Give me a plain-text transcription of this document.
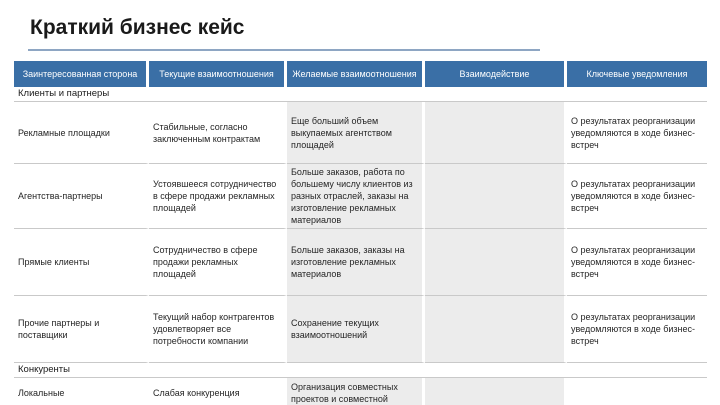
Краткий бизнес кейс
Заинтересованная сторона	Текущие взаимоотношения	Желаемые взаимоотношения	Взаимодействие	Ключевые уведомления
Клиенты и партнеры				
Рекламные площадки	Стабильные, согласно заключенным контрактам	Еще больший объем выкупаемых агентством площадей		О результатах реорганизации уведомляются в ходе бизнес-встреч
Агентства-партнеры	Устоявшееся сотрудничество в сфере продажи рекламных площадей	Больше заказов, работа по большему числу клиентов из разных отраслей, заказы на изготовление рекламных материалов		О результатах реорганизации уведомляются в ходе бизнес-встреч
Прямые клиенты	Сотрудничество в сфере продажи рекламных площадей	Больше заказов, заказы на изготовление рекламных материалов		О результатах реорганизации уведомляются в ходе бизнес-встреч
Прочие партнеры и поставщики	Текущий набор контрагентов удовлетворяет все потребности компании	Сохранение текущих взаимоотношений		О результатах реорганизации уведомляются в ходе бизнес-встреч
Конкуренты				
Локальные	Слабая конкуренция	Организация совместных проектов и совместной		
